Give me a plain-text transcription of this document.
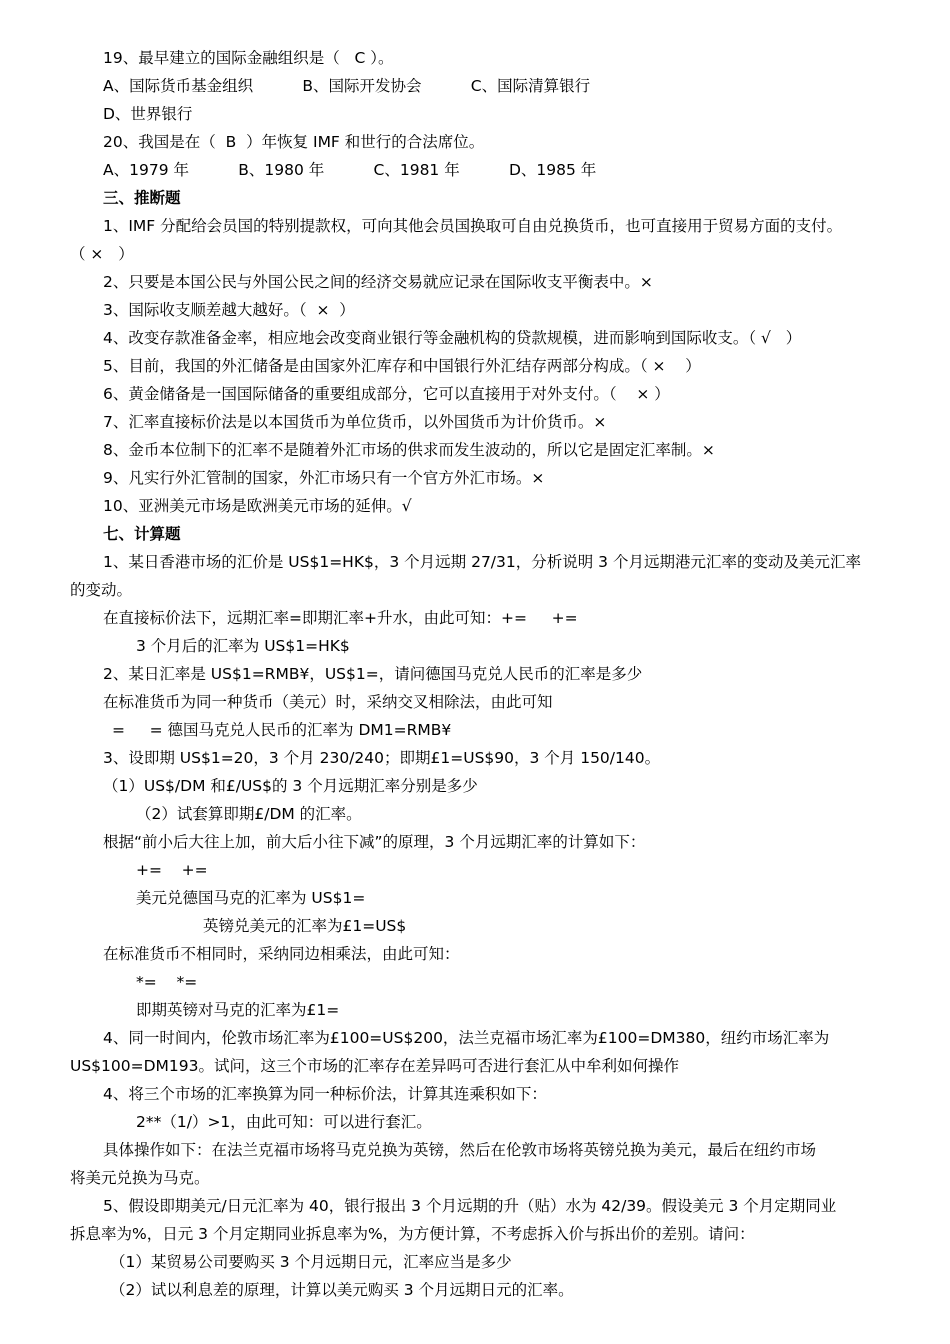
19、最早建立的国际金融组织是（   C ）。
A、国际货币基金组织          B、国际开发协会          C、国际清算银行
D、世界银行
20、我国是在（  B  ）年恢复 IMF 和世行的合法席位。
A、1979 年          B、1980 年          C、1981 年          D、1985 年
三、推断题
1、IMF 分配给会员国的特别提款权，可向其他会员国换取可自由兑换货币，也可直接用于贸易方面的支付。
（ ×   ）
2、只要是本国公民与外国公民之间的经济交易就应记录在国际收支平衡表中。×
3、国际收支顺差越大越好。（  ×  ）
4、改变存款准备金率，相应地会改变商业银行等金融机构的贷款规模，进而影响到国际收支。（ √   ）
5、目前，我国的外汇储备是由国家外汇库存和中国银行外汇结存两部分构成。（ ×    ）
6、黄金储备是一国国际储备的重要组成部分，它可以直接用于对外支付。（    × ）
7、汇率直接标价法是以本国货币为单位货币，以外国货币为计价货币。×
8、金币本位制下的汇率不是随着外汇市场的供求而发生波动的，所以它是固定汇率制。×
9、凡实行外汇管制的国家，外汇市场只有一个官方外汇市场。×
10、亚洲美元市场是欧洲美元市场的延伸。√
七、计算题
1、某日香港市场的汇价是 US$1=HK$，3 个月远期 27/31，分析说明 3 个月远期港元汇率的变动及美元汇率
的变动。
在直接标价法下，远期汇率=即期汇率+升水，由此可知：+=     +=
3 个月后的汇率为 US$1=HK$
2、某日汇率是 US$1=RMB¥，US$1=，请问德国马克兑人民币的汇率是多少
在标准货币为同一种货币（美元）时，采纳交叉相除法，由此可知
=     = 德国马克兑人民币的汇率为 DM1=RMB¥
3、设即期 US$1=20，3 个月 230/240；即期£1=US$90，3 个月 150/140。
（1）US$/DM 和£/US$的 3 个月远期汇率分别是多少
（2）试套算即期£/DM 的汇率。
根据“前小后大往上加，前大后小往下减”的原理，3 个月远期汇率的计算如下：
+=    +=
美元兑德国马克的汇率为 US$1=
英镑兑美元的汇率为£1=US$
在标准货币不相同时，采纳同边相乘法，由此可知：
*=    *=
即期英镑对马克的汇率为£1=
4、同一时间内，伦敦市场汇率为£100=US$200，法兰克福市场汇率为£100=DM380，纽约市场汇率为
US$100=DM193。试问，这三个市场的汇率存在差异吗可否进行套汇从中牟利如何操作
4、将三个市场的汇率换算为同一种标价法，计算其连乘积如下：
2**（1/）>1，由此可知：可以进行套汇。
具体操作如下：在法兰克福市场将马克兑换为英镑，然后在伦敦市场将英镑兑换为美元，最后在纽约市场
将美元兑换为马克。
5、假设即期美元/日元汇率为 40，银行报出 3 个月远期的升（贴）水为 42/39。假设美元 3 个月定期同业
拆息率为%，日元 3 个月定期同业拆息率为%，为方便计算，不考虑拆入价与拆出价的差别。请问：
（1）某贸易公司要购买 3 个月远期日元，汇率应当是多少
（2）试以利息差的原理，计算以美元购买 3 个月远期日元的汇率。
